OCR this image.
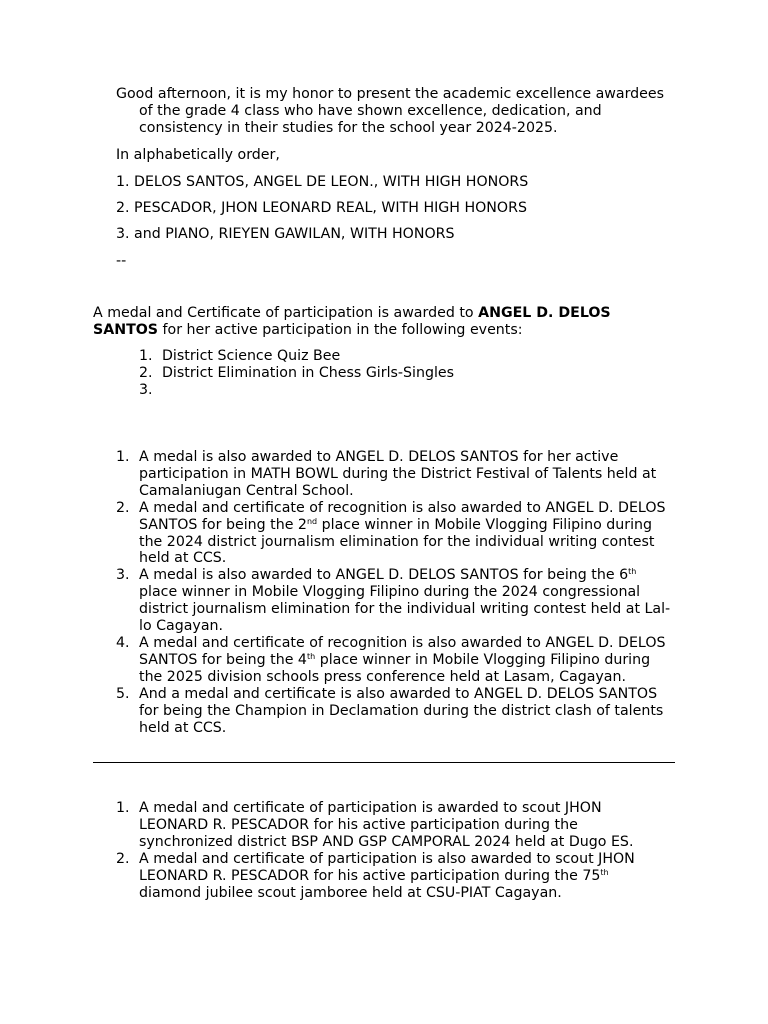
Good afternoon, it is my honor to present the academic excellence awardees of the grade 4 class who have shown excellence, dedication, and consistency in their studies for the school year 2024-2025.

In alphabetically order,

1. DELOS SANTOS, ANGEL DE LEON., WITH HIGH HONORS

2. PESCADOR, JHON LEONARD REAL, WITH HIGH HONORS

3. and PIANO, RIEYEN GAWILAN, WITH HONORS

--

A medal and Certificate of participation is awarded to ANGEL D. DELOS SANTOS for her active participation in the following events:

1. District Science Quiz Bee
2. District Elimination in Chess Girls-Singles
3.
1. A medal is also awarded to ANGEL D. DELOS SANTOS for her active participation in MATH BOWL during the District Festival of Talents held at Camalaniugan Central School.
2. A medal and certificate of recognition is also awarded to ANGEL D. DELOS SANTOS for being the 2nd place winner in Mobile Vlogging Filipino during the 2024 district journalism elimination for the individual writing contest held at CCS.
3. A medal is also awarded to ANGEL D. DELOS SANTOS for being the 6th place winner in Mobile Vlogging Filipino during the 2024 congressional district journalism elimination for the individual writing contest held at Lal-lo Cagayan.
4. A medal and certificate of recognition is also awarded to ANGEL D. DELOS SANTOS for being the 4th place winner in Mobile Vlogging Filipino during the 2025 division schools press conference held at Lasam, Cagayan.
5. And a medal and certificate is also awarded to ANGEL D. DELOS SANTOS for being the Champion in Declamation during the district clash of talents held at CCS.
1. A medal and certificate of participation is awarded to scout JHON LEONARD R. PESCADOR for his active participation during the synchronized district BSP AND GSP CAMPORAL 2024 held at Dugo ES.
2. A medal and certificate of participation is also awarded to scout JHON LEONARD R. PESCADOR for his active participation during the 75th diamond jubilee scout jamboree held at CSU-PIAT Cagayan.
